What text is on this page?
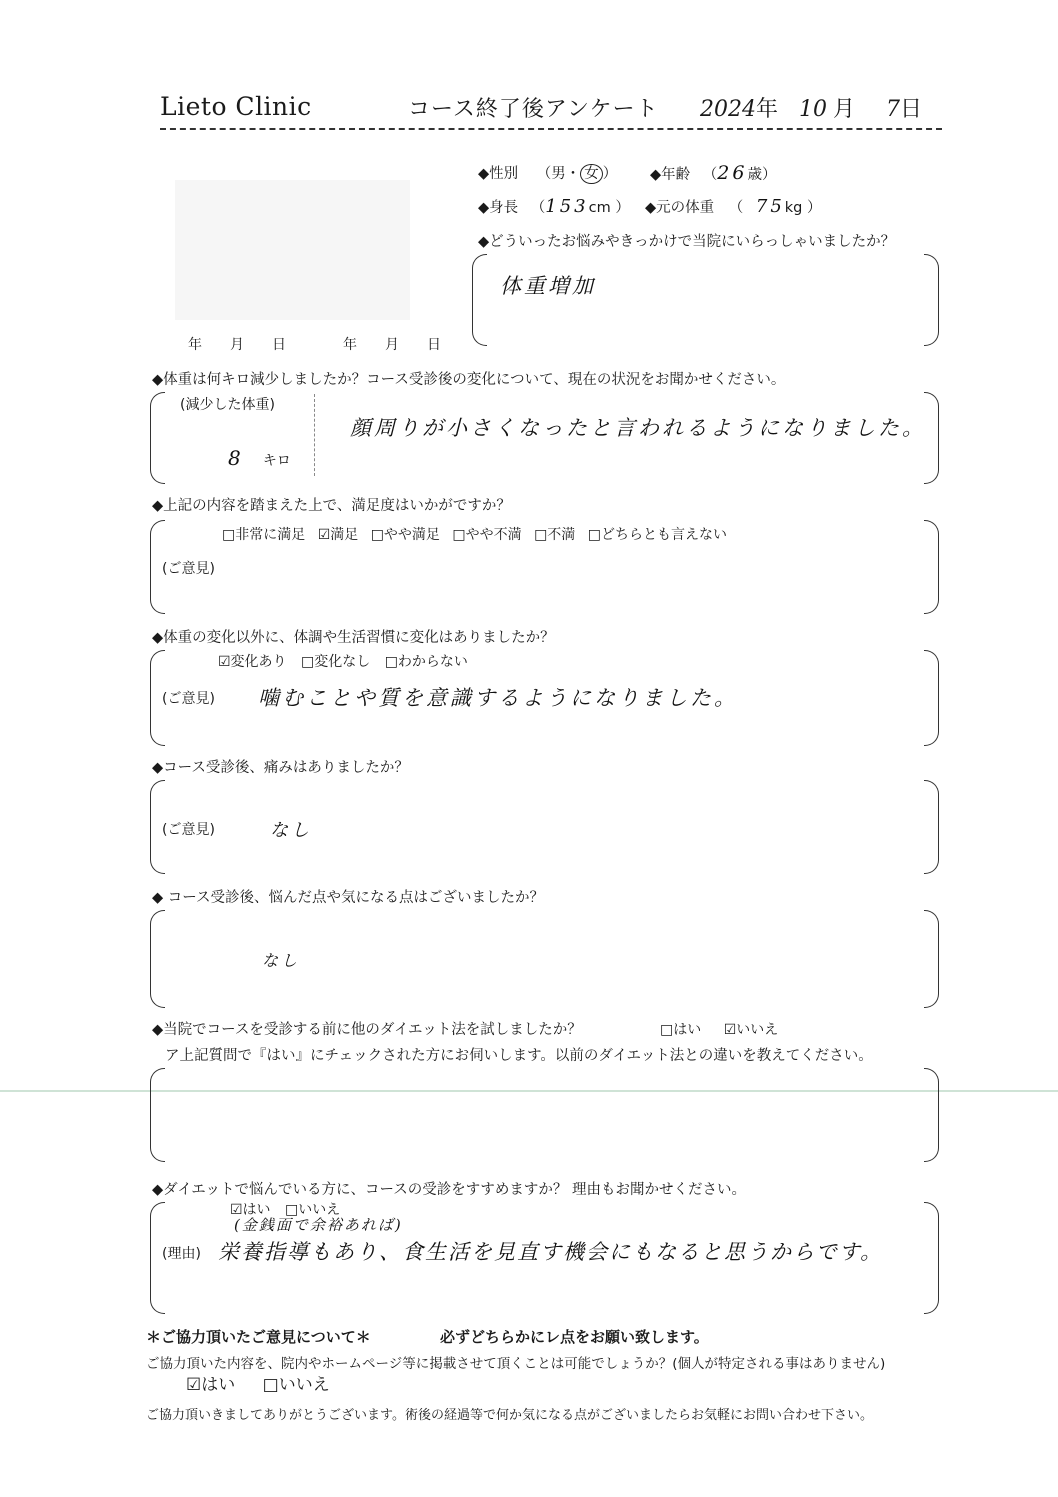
Lieto Clinic	コース終了後アンケート 2024年 10 月 7日
年　　月　　日	年　　月　　日
◆性別 （男・ 女 ） ◆年齢 （26歳）
◆身長 （153cm ） ◆元の体重 （ 75kg ）
◆どういったお悩みやきっかけで当院にいらっしゃいましたか？
体重増加
◆体重は何キロ減少しましたか？コース受診後の変化について、現在の状況をお聞かせください。
(減少した体重)
8 キロ
顔周りが小さくなったと言われるようになりました。
◆上記の内容を踏まえた上で、満足度はいかがですか？
□非常に満足 ☑満足 □やや満足 □やや不満 □不満 □どちらとも言えない
(ご意見)
◆体重の変化以外に、体調や生活習慣に変化はありましたか？
☑変化あり □変化なし □わからない
(ご意見) 噛むことや質を意識するようになりました。
◆コース受診後、痛みはありましたか？
(ご意見)	なし
◆ コース受診後、悩んだ点や気になる点はございましたか？
なし
◆当院でコースを受診する前に他のダイエット法を試しましたか？	□はい ☑いいえ
ア上記質問で『はい』にチェックされた方にお伺いします。以前のダイエット法との違いを教えてください。
◆ダイエットで悩んでいる方に、コースの受診をすすめますか？ 理由もお聞かせください。
☑はい □いいえ
(金銭面で余裕あれば)
(理由) 栄養指導もあり、食生活を見直す機会にもなると思うからです。
＊ご協力頂いたご意見について＊	必ずどちらかにレ点をお願い致します。
ご協力頂いた内容を、院内やホームページ等に掲載させて頂くことは可能でしょうか？(個人が特定される事はありません)
☑はい □いいえ
ご協力頂いきましてありがとうございます。術後の経過等で何か気になる点がございましたらお気軽にお問い合わせ下さい。
